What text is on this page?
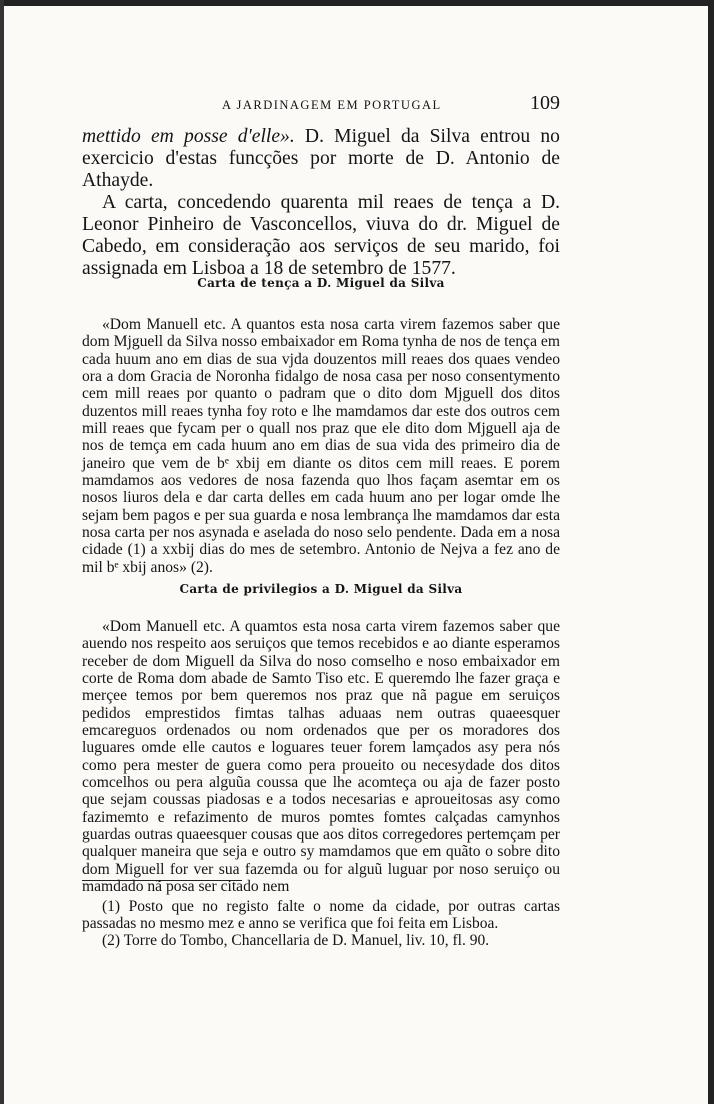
A JARDINAGEM EM PORTUGAL	109

mettido em posse d'elle». D. Miguel da Silva entrou no exercicio d'estas funcções por morte de D. Antonio de Athayde.

A carta, concedendo quarenta mil reaes de tença a D. Leonor Pinheiro de Vasconcellos, viuva do dr. Miguel de Cabedo, em consideração aos serviços de seu marido, foi assignada em Lisboa a 18 de setembro de 1577.

Carta de tença a D. Miguel da Silva

«Dom Manuell etc. A quantos esta nosa carta virem fazemos saber que dom Mjguell da Silva nosso embaixador em Roma tynha de nos de tença em cada huum ano em dias de sua vjda douzentos mill reaes dos quaes vendeo ora a dom Gracia de Noronha fidalgo de nosa casa per noso consentymento cem mill reaes por quanto o padram que o dito dom Mjguell dos ditos duzentos mill reaes tynha foy roto e lhe mamdamos dar este dos outros cem mill reaes que fycam per o quall nos praz que ele dito dom Mjguell aja de nos de temça em cada huum ano em dias de sua vida des primeiro dia de janeiro que vem de bᵉ xbij em diante os ditos cem mill reaes. E porem mamdamos aos vedores de nosa fazenda quo lhos façam asemtar em os nosos liuros dela e dar carta delles em cada huum ano per logar omde lhe sejam bem pagos e per sua guarda e nosa lembrança lhe mamdamos dar esta nosa carta per nos asynada e aselada do noso selo pendente. Dada em a nosa cidade (1) a xxbij dias do mes de setembro. Antonio de Nejva a fez ano de mil bᵉ xbij anos» (2).

Carta de privilegios a D. Miguel da Silva

«Dom Manuell etc. A quamtos esta nosa carta virem fazemos saber que auendo nos respeito aos seruiços que temos recebidos e ao diante esperamos receber de dom Miguell da Silva do noso comselho e noso embaixador em corte de Roma dom abade de Samto Tiso etc. E queremdo lhe fazer graça e merçee temos por bem queremos nos praz que nã pague em seruiços pedidos emprestidos fimtas talhas aduaas nem outras quaeesquer emcareguos ordenados ou nom ordenados que per os moradores dos luguares omde elle cautos e loguares teuer forem lamçados asy pera nós como pera mester de guera como pera proueito ou necesydade dos ditos comcelhos ou pera alguũa coussa que lhe acomteça ou aja de fazer posto que sejam coussas piadosas e a todos necesarias e aproueitosas asy como fazimemto e refazimento de muros pomtes fomtes calçadas camynhos guardas outras quaeesquer cousas que aos ditos corregedores pertemçam per qualquer maneira que seja e outro sy mamdamos que em quãto o sobre dito dom Miguell for ver sua fazemda ou for alguũ luguar por noso seruiço ou mamdado nã posa ser citado nem

(1) Posto que no registo falte o nome da cidade, por outras cartas passadas no mesmo mez e anno se verifica que foi feita em Lisboa.

(2) Torre do Tombo, Chancellaria de D. Manuel, liv. 10, fl. 90.
